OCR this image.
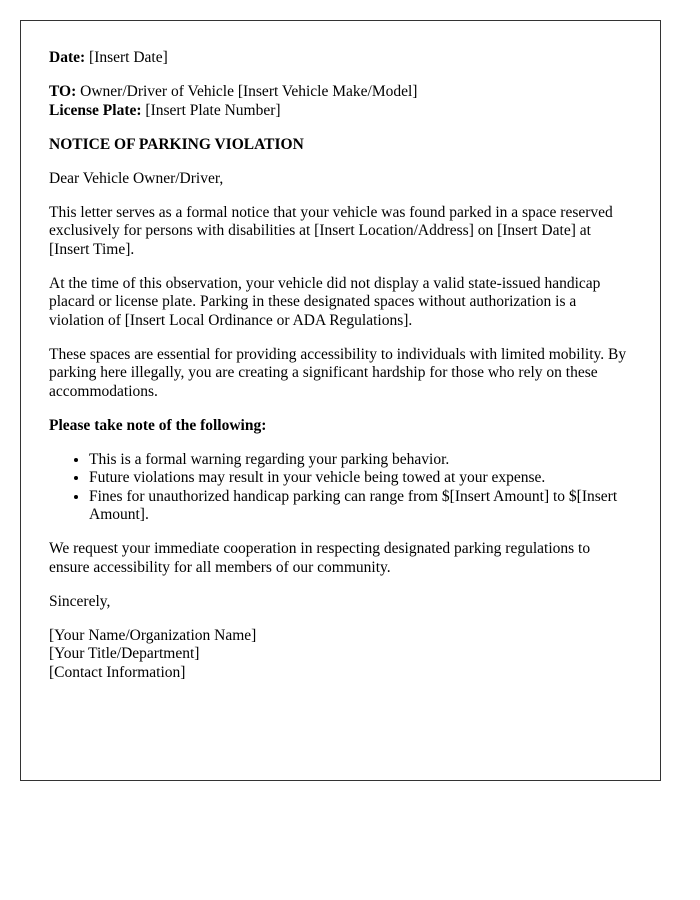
Date: [Insert Date]

TO: Owner/Driver of Vehicle [Insert Vehicle Make/Model]
License Plate: [Insert Plate Number]

NOTICE OF PARKING VIOLATION

Dear Vehicle Owner/Driver,

This letter serves as a formal notice that your vehicle was found parked in a space reserved exclusively for persons with disabilities at [Insert Location/Address] on [Insert Date] at [Insert Time].

At the time of this observation, your vehicle did not display a valid state-issued handicap placard or license plate. Parking in these designated spaces without authorization is a violation of [Insert Local Ordinance or ADA Regulations].

These spaces are essential for providing accessibility to individuals with limited mobility. By parking here illegally, you are creating a significant hardship for those who rely on these accommodations.

Please take note of the following:

• This is a formal warning regarding your parking behavior.
• Future violations may result in your vehicle being towed at your expense.
• Fines for unauthorized handicap parking can range from $[Insert Amount] to $[Insert Amount].

We request your immediate cooperation in respecting designated parking regulations to ensure accessibility for all members of our community.

Sincerely,

[Your Name/Organization Name]
[Your Title/Department]
[Contact Information]
